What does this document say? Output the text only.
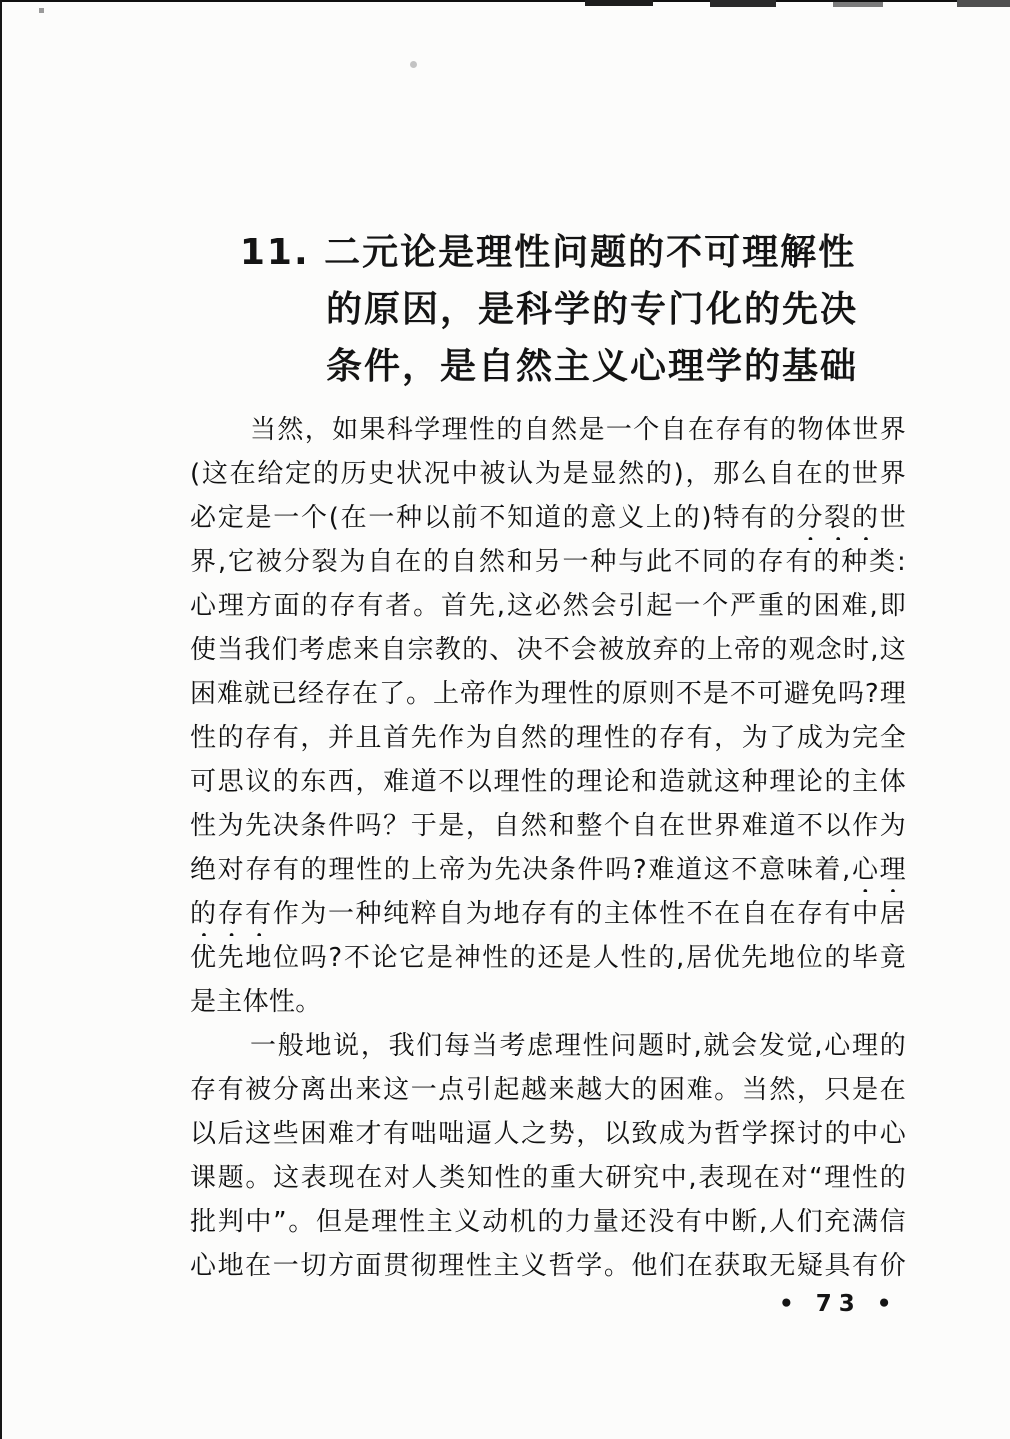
11. 二元论是理性问题的不可理解性
的原因，是科学的专门化的先决
条件，是自然主义心理学的基础
当然，如果科学理性的自然是一个自在存有的物体世界
(这在给定的历史状况中被认为是显然的)，那么自在的世界
必定是一个(在一种以前不知道的意义上的)特有的分裂的世
界,它被分裂为自在的自然和另一种与此不同的存有的种类:
心理方面的存有者。首先,这必然会引起一个严重的困难,即
使当我们考虑来自宗教的、决不会被放弃的上帝的观念时,这
困难就已经存在了。上帝作为理性的原则不是不可避免吗?理
性的存有，并且首先作为自然的理性的存有，为了成为完全
可思议的东西，难道不以理性的理论和造就这种理论的主体
性为先决条件吗？于是，自然和整个自在世界难道不以作为
绝对存有的理性的上帝为先决条件吗?难道这不意味着,心理
的存有作为一种纯粹自为地存有的主体性不在自在存有中居
优先地位吗?不论它是神性的还是人性的,居优先地位的毕竟
是主体性。
一般地说，我们每当考虑理性问题时,就会发觉,心理的
存有被分离出来这一点引起越来越大的困难。当然，只是在
以后这些困难才有咄咄逼人之势，以致成为哲学探讨的中心
课题。这表现在对人类知性的重大研究中,表现在对“理性的
批判中”。但是理性主义动机的力量还没有中断,人们充满信
心地在一切方面贯彻理性主义哲学。他们在获取无疑具有价
• 73 •
